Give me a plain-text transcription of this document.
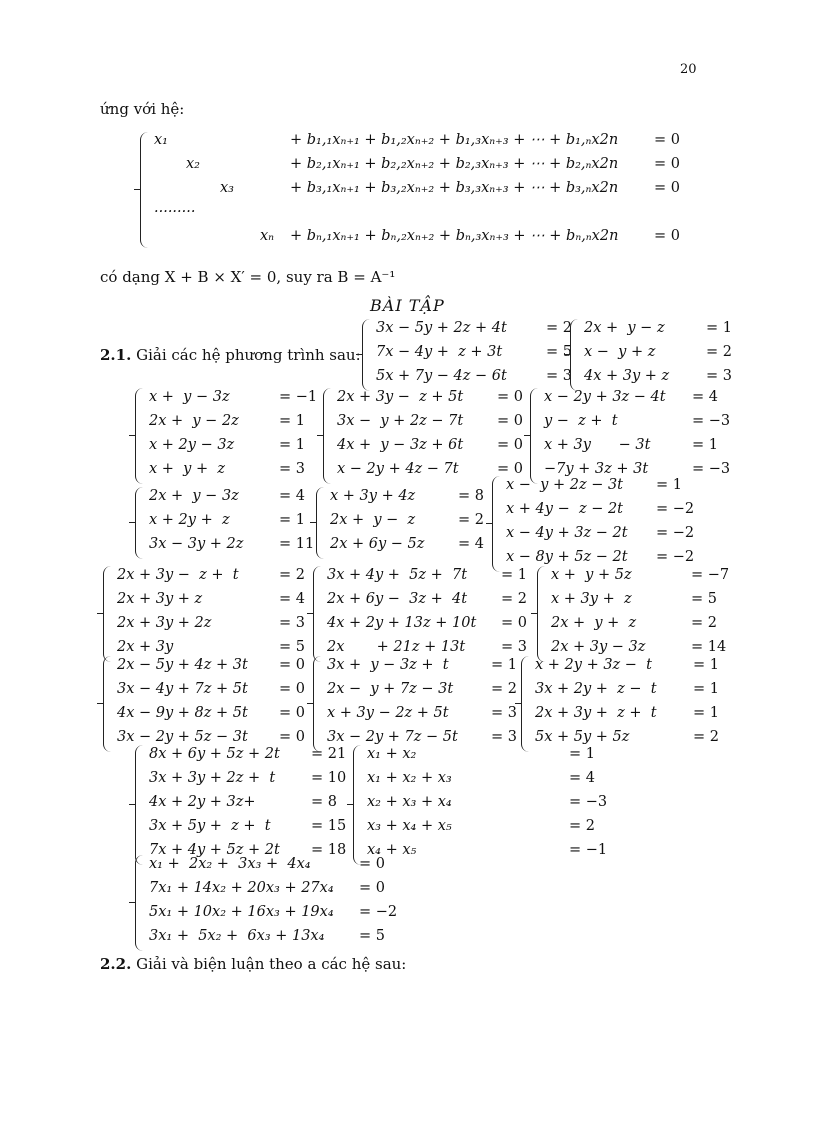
20
ứng với hệ:
x₁	+ b₁,₁xₙ₊₁ + b₁,₂xₙ₊₂ + b₁,₃xₙ₊₃ + ⋯ + b₁,ₙx2n = 0
x₂	+ b₂,₁xₙ₊₁ + b₂,₂xₙ₊₂ + b₂,₃xₙ₊₃ + ⋯ + b₂,ₙx2n = 0
x₃	+ b₃,₁xₙ₊₁ + b₃,₂xₙ₊₂ + b₃,₃xₙ₊₃ + ⋯ + b₃,ₙx2n = 0
·········
xₙ + bₙ,₁xₙ₊₁ + bₙ,₂xₙ₊₂ + bₙ,₃xₙ₊₃ + ⋯ + bₙ,ₙx2n = 0
có dạng X + B × X′ = 0, suy ra B = A⁻¹
BÀI TẬP
2.1. Giải các hệ phương trình sau:
3x − 5y + 2z + 4t	= 2
7x − 4y +  z + 3t	= 5
5x + 7y − 4z − 6t	= 3
2x +  y − z	= 1
x −  y + z	= 2
4x + 3y + z	= 3
x +  y − 3z	= −1
2x +  y − 2z	= 1
x + 2y − 3z	= 1
x +  y +  z	= 3
2x + 3y −  z + 5t = 0
3x −  y + 2z − 7t = 0
4x +  y − 3z + 6t = 0
x − 2y + 4z − 7t	= 0
x − 2y + 3z − 4t = 4
y −  z +  t	= −3
x + 3y      − 3t	= 1
−7y + 3z + 3t	= −3
2x +  y − 3z	= 4
x + 2y +  z	= 1
3x − 3y + 2z = 11
x + 3y + 4z	= 8
2x +  y −  z	= 2
2x + 6y − 5z = 4
x −  y + 2z − 3t = 1
x + 4y −  z − 2t = −2
x − 4y + 3z − 2t = −2
x − 8y + 5z − 2t = −2
2x + 3y −  z +  t	= 2
2x + 3y + z	= 4
2x + 3y + 2z	= 3
2x + 3y	= 5
3x + 4y +  5z +  7t = 1
2x + 6y −  3z +  4t = 2
4x + 2y + 13z + 10t = 0
2x       + 21z + 13t = 3
x +  y + 5z	= −7
x + 3y +  z	= 5
2x +  y +  z	= 2
2x + 3y − 3z	= 14
2x − 5y + 4z + 3t = 0
3x − 4y + 7z + 5t = 0
4x − 9y + 8z + 5t = 0
3x − 2y + 5z − 3t = 0
3x +  y − 3z +  t	= 1
2x −  y + 7z − 3t	= 2
x + 3y − 2z + 5t	= 3
3x − 2y + 7z − 5t = 3
x + 2y + 3z −  t	= 1
3x + 2y +  z −  t	= 1
2x + 3y +  z +  t	= 1
5x + 5y + 5z	= 2
8x + 6y + 5z + 2t = 21
3x + 3y + 2z +  t = 10
4x + 2y + 3z+	= 8
3x + 5y +  z +  t	= 15
7x + 4y + 5z + 2t = 18
x₁ + x₂	= 1
x₁ + x₂ + x₃	= 4
x₂ + x₃ + x₄	= −3
x₃ + x₄ + x₅	= 2
x₄ + x₅	= −1
x₁ +  2x₂ +  3x₃ +  4x₄	= 0
7x₁ + 14x₂ + 20x₃ + 27x₄ = 0
5x₁ + 10x₂ + 16x₃ + 19x₄ = −2
3x₁ +  5x₂ +  6x₃ + 13x₄ = 5
2.2. Giải và biện luận theo a các hệ sau:
